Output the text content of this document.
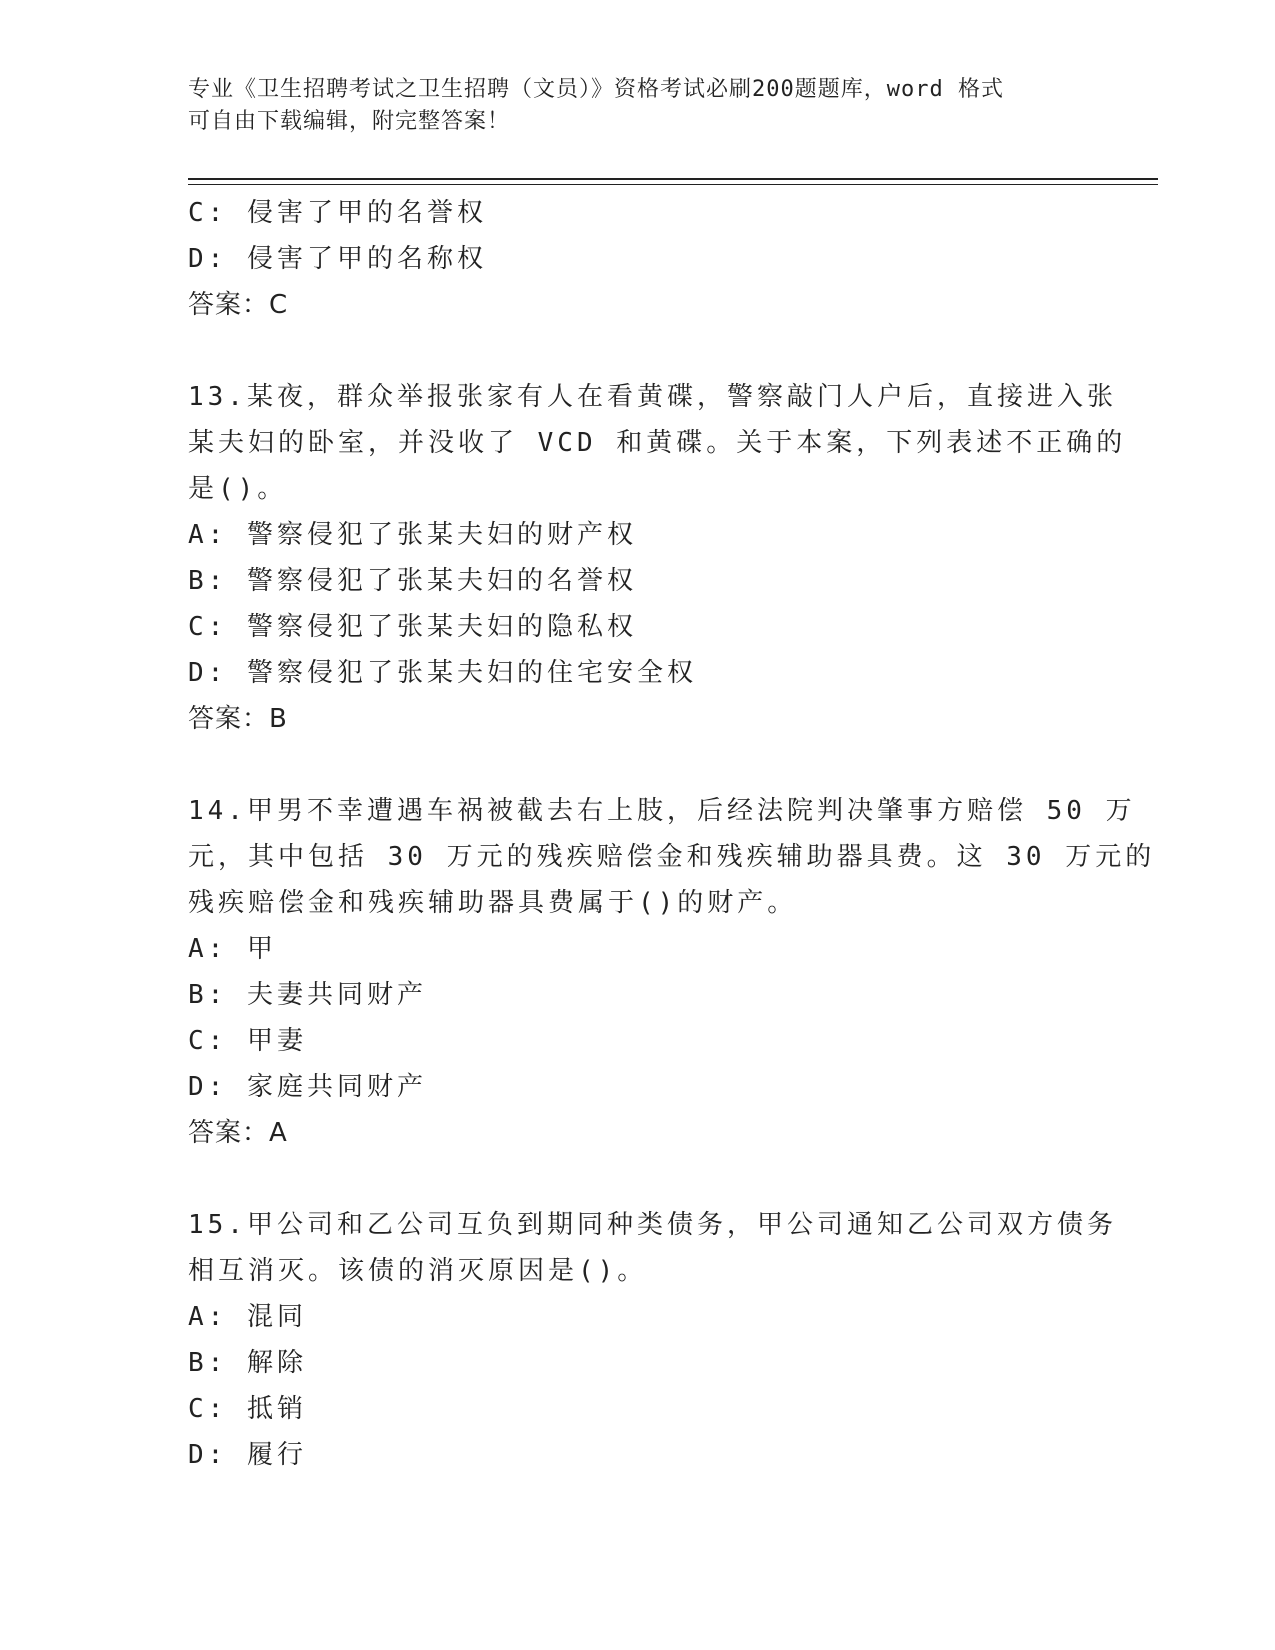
专业《卫生招聘考试之卫生招聘（文员）》资格考试必刷200题题库，word 格式
可自由下载编辑，附完整答案！
C: 侵害了甲的名誉权
D: 侵害了甲的名称权
答案：C
13.某夜，群众举报张家有人在看黄碟，警察敲门人户后，直接进入张
某夫妇的卧室，并没收了 VCD 和黄碟。关于本案，下列表述不正确的
是()。
A: 警察侵犯了张某夫妇的财产权
B: 警察侵犯了张某夫妇的名誉权
C: 警察侵犯了张某夫妇的隐私权
D: 警察侵犯了张某夫妇的住宅安全权
答案：B
14.甲男不幸遭遇车祸被截去右上肢，后经法院判决肇事方赔偿 50 万
元，其中包括 30 万元的残疾赔偿金和残疾辅助器具费。这 30 万元的
残疾赔偿金和残疾辅助器具费属于()的财产。
A: 甲
B: 夫妻共同财产
C: 甲妻
D: 家庭共同财产
答案：A
15.甲公司和乙公司互负到期同种类债务，甲公司通知乙公司双方债务
相互消灭。该债的消灭原因是()。
A: 混同
B: 解除
C: 抵销
D: 履行
